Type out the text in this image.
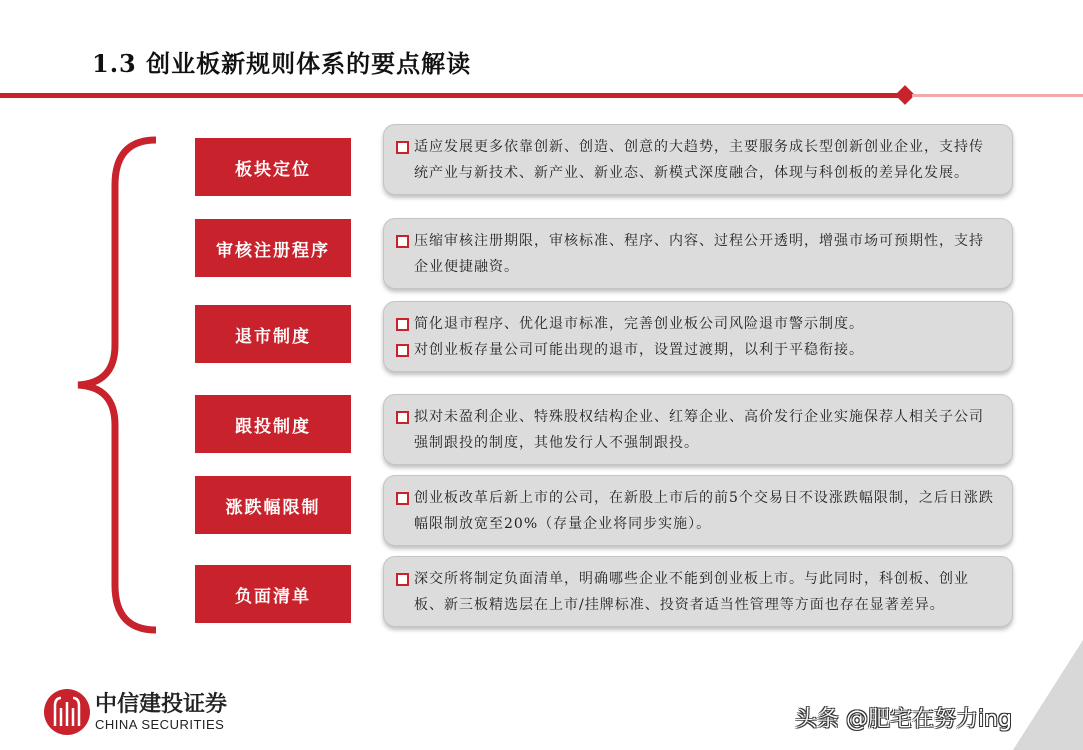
1.3 创业板新规则体系的要点解读
板块定位
审核注册程序
退市制度
跟投制度
涨跌幅限制
负面清单
适应发展更多依靠创新、创造、创意的大趋势，主要服务成长型创新创业企业，支持传统产业与新技术、新产业、新业态、新模式深度融合，体现与科创板的差异化发展。
压缩审核注册期限，审核标准、程序、内容、过程公开透明，增强市场可预期性，支持企业便捷融资。
简化退市程序、优化退市标准，完善创业板公司风险退市警示制度。
对创业板存量公司可能出现的退市，设置过渡期，以利于平稳衔接。
拟对未盈利企业、特殊股权结构企业、红筹企业、高价发行企业实施保荐人相关子公司强制跟投的制度，其他发行人不强制跟投。
创业板改革后新上市的公司，在新股上市后的前5个交易日不设涨跌幅限制，之后日涨跌幅限制放宽至20%（存量企业将同步实施）。
深交所将制定负面清单，明确哪些企业不能到创业板上市。与此同时，科创板、创业板、新三板精选层在上市/挂牌标准、投资者适当性管理等方面也存在显著差异。
中信建投证券
CHINA SECURITIES	头条 @肥宅在努力ing
